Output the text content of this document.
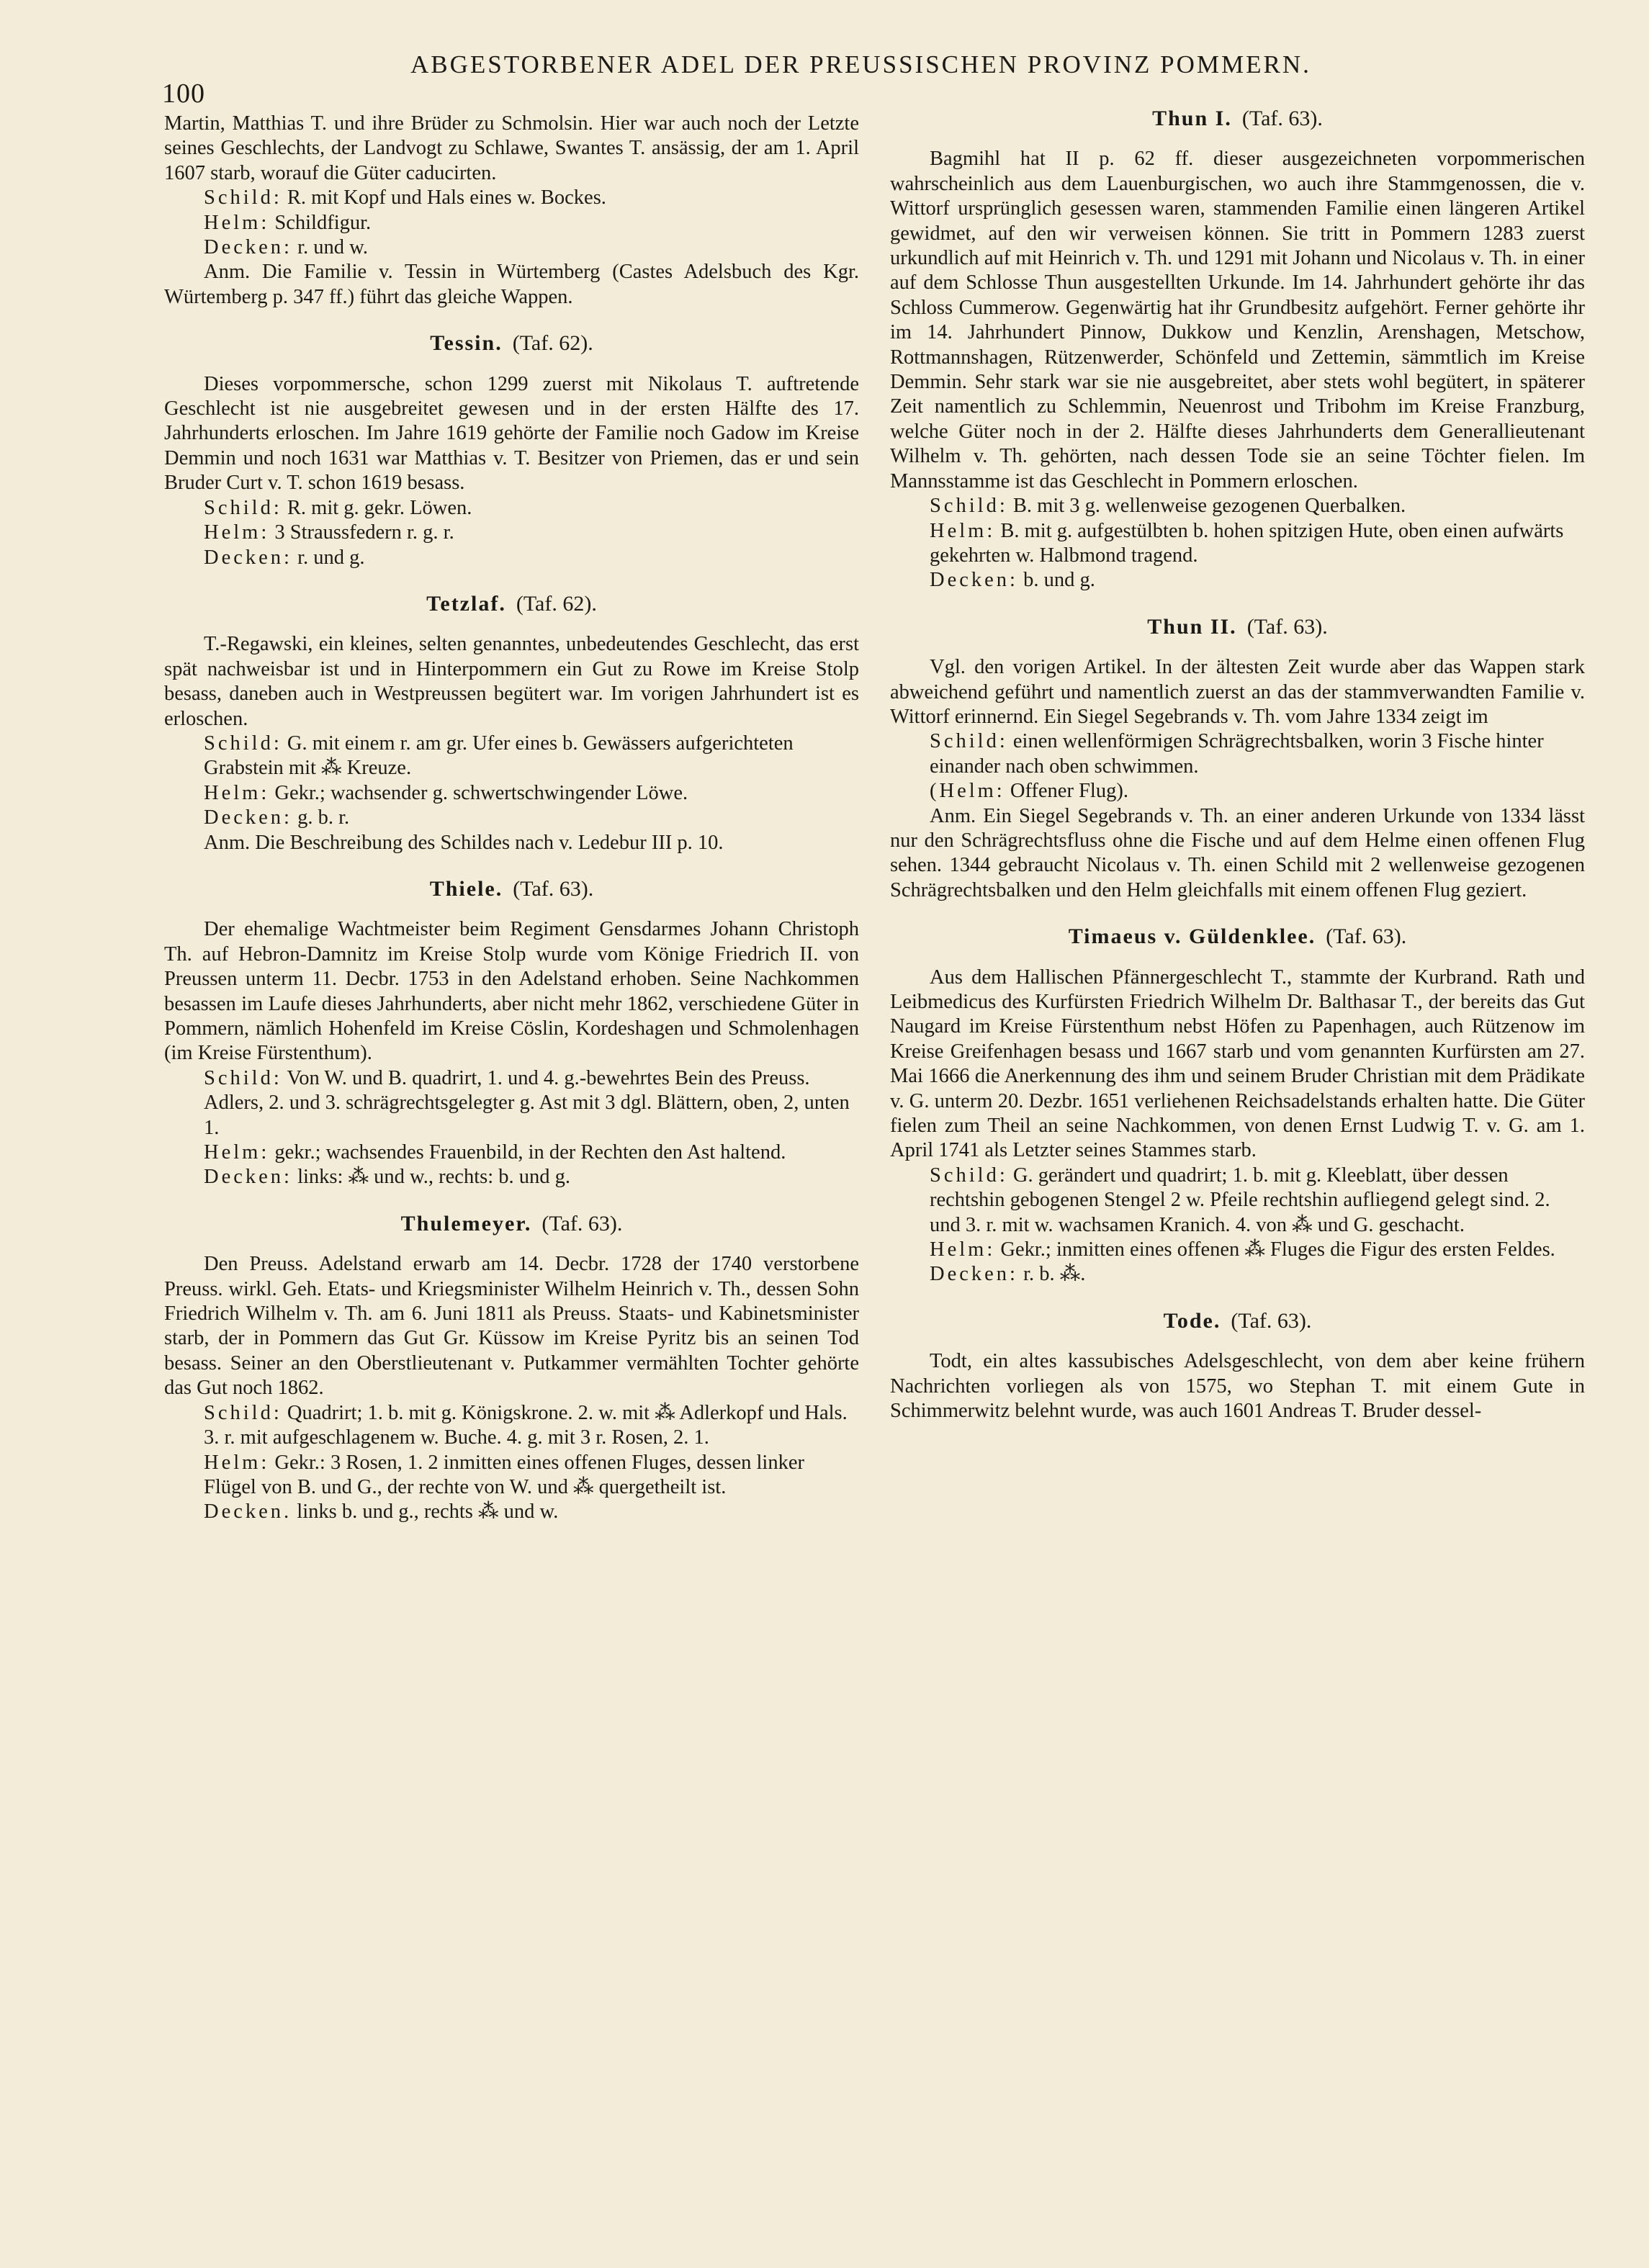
100
ABGESTORBENER ADEL DER PREUSSISCHEN PROVINZ POMMERN.

Martin, Matthias T. und ihre Brüder zu Schmolsin. Hier war auch noch der Letzte seines Geschlechts, der Landvogt zu Schlawe, Swantes T. ansässig, der am 1. April 1607 starb, worauf die Güter caducirten.

Schild: R. mit Kopf und Hals eines w. Bockes.

Helm: Schildfigur.

Decken: r. und w.

Anm. Die Familie v. Tessin in Würtemberg (Castes Adelsbuch des Kgr. Würtemberg p. 347 ff.) führt das gleiche Wappen.

Tessin. (Taf. 62).

Dieses vorpommersche, schon 1299 zuerst mit Nikolaus T. auftretende Geschlecht ist nie ausgebreitet gewesen und in der ersten Hälfte des 17. Jahrhunderts erloschen. Im Jahre 1619 gehörte der Familie noch Gadow im Kreise Demmin und noch 1631 war Matthias v. T. Besitzer von Priemen, das er und sein Bruder Curt v. T. schon 1619 besass.

Schild: R. mit g. gekr. Löwen.

Helm: 3 Straussfedern r. g. r.

Decken: r. und g.

Tetzlaf. (Taf. 62).

T.-Regawski, ein kleines, selten genanntes, unbedeutendes Geschlecht, das erst spät nachweisbar ist und in Hinterpommern ein Gut zu Rowe im Kreise Stolp besass, daneben auch in Westpreussen begütert war. Im vorigen Jahrhundert ist es erloschen.

Schild: G. mit einem r. am gr. Ufer eines b. Gewässers aufgerichteten Grabstein mit ⁂ Kreuze.

Helm: Gekr.; wachsender g. schwertschwingender Löwe.

Decken: g. b. r.

Anm. Die Beschreibung des Schildes nach v. Ledebur III p. 10.

Thiele. (Taf. 63).

Der ehemalige Wachtmeister beim Regiment Gensdarmes Johann Christoph Th. auf Hebron-Damnitz im Kreise Stolp wurde vom Könige Friedrich II. von Preussen unterm 11. Decbr. 1753 in den Adelstand erhoben. Seine Nachkommen besassen im Laufe dieses Jahrhunderts, aber nicht mehr 1862, verschiedene Güter in Pommern, nämlich Hohenfeld im Kreise Cöslin, Kordeshagen und Schmolenhagen (im Kreise Fürstenthum).

Schild: Von W. und B. quadrirt, 1. und 4. g.-bewehrtes Bein des Preuss. Adlers, 2. und 3. schrägrechtsgelegter g. Ast mit 3 dgl. Blättern, oben, 2, unten 1.

Helm: gekr.; wachsendes Frauenbild, in der Rechten den Ast haltend.

Decken: links: ⁂ und w., rechts: b. und g.

Thulemeyer. (Taf. 63).

Den Preuss. Adelstand erwarb am 14. Decbr. 1728 der 1740 verstorbene Preuss. wirkl. Geh. Etats- und Kriegsminister Wilhelm Heinrich v. Th., dessen Sohn Friedrich Wilhelm v. Th. am 6. Juni 1811 als Preuss. Staats- und Kabinetsminister starb, der in Pommern das Gut Gr. Küssow im Kreise Pyritz bis an seinen Tod besass. Seiner an den Oberstlieutenant v. Putkammer vermählten Tochter gehörte das Gut noch 1862.

Schild: Quadrirt; 1. b. mit g. Königskrone. 2. w. mit ⁂ Adlerkopf und Hals. 3. r. mit aufgeschlagenem w. Buche. 4. g. mit 3 r. Rosen, 2. 1.

Helm: Gekr.: 3 Rosen, 1. 2 inmitten eines offenen Fluges, dessen linker Flügel von B. und G., der rechte von W. und ⁂ quergetheilt ist.

Decken. links b. und g., rechts ⁂ und w.

Thun I. (Taf. 63).

Bagmihl hat II p. 62 ff. dieser ausgezeichneten vorpommerischen wahrscheinlich aus dem Lauenburgischen, wo auch ihre Stammgenossen, die v. Wittorf ursprünglich gesessen waren, stammenden Familie einen längeren Artikel gewidmet, auf den wir verweisen können. Sie tritt in Pommern 1283 zuerst urkundlich auf mit Heinrich v. Th. und 1291 mit Johann und Nicolaus v. Th. in einer auf dem Schlosse Thun ausgestellten Urkunde. Im 14. Jahrhundert gehörte ihr das Schloss Cummerow. Gegenwärtig hat ihr Grundbesitz aufgehört. Ferner gehörte ihr im 14. Jahrhundert Pinnow, Dukkow und Kenzlin, Arenshagen, Metschow, Rottmannshagen, Rützenwerder, Schönfeld und Zettemin, sämmtlich im Kreise Demmin. Sehr stark war sie nie ausgebreitet, aber stets wohl begütert, in späterer Zeit namentlich zu Schlemmin, Neuenrost und Tribohm im Kreise Franzburg, welche Güter noch in der 2. Hälfte dieses Jahrhunderts dem Generallieutenant Wilhelm v. Th. gehörten, nach dessen Tode sie an seine Töchter fielen. Im Mannsstamme ist das Geschlecht in Pommern erloschen.

Schild: B. mit 3 g. wellenweise gezogenen Querbalken.

Helm: B. mit g. aufgestülbten b. hohen spitzigen Hute, oben einen aufwärts gekehrten w. Halbmond tragend.

Decken: b. und g.

Thun II. (Taf. 63).

Vgl. den vorigen Artikel. In der ältesten Zeit wurde aber das Wappen stark abweichend geführt und namentlich zuerst an das der stammverwandten Familie v. Wittorf erinnernd. Ein Siegel Segebrands v. Th. vom Jahre 1334 zeigt im

Schild: einen wellenförmigen Schrägrechtsbalken, worin 3 Fische hinter einander nach oben schwimmen.

(Helm: Offener Flug).

Anm. Ein Siegel Segebrands v. Th. an einer anderen Urkunde von 1334 lässt nur den Schrägrechtsfluss ohne die Fische und auf dem Helme einen offenen Flug sehen. 1344 gebraucht Nicolaus v. Th. einen Schild mit 2 wellenweise gezogenen Schrägrechtsbalken und den Helm gleichfalls mit einem offenen Flug geziert.

Timaeus v. Güldenklee. (Taf. 63).

Aus dem Hallischen Pfännergeschlecht T., stammte der Kurbrand. Rath und Leibmedicus des Kurfürsten Friedrich Wilhelm Dr. Balthasar T., der bereits das Gut Naugard im Kreise Fürstenthum nebst Höfen zu Papenhagen, auch Rützenow im Kreise Greifenhagen besass und 1667 starb und vom genannten Kurfürsten am 27. Mai 1666 die Anerkennung des ihm und seinem Bruder Christian mit dem Prädikate v. G. unterm 20. Dezbr. 1651 verliehenen Reichsadelstands erhalten hatte. Die Güter fielen zum Theil an seine Nachkommen, von denen Ernst Ludwig T. v. G. am 1. April 1741 als Letzter seines Stammes starb.

Schild: G. gerändert und quadrirt; 1. b. mit g. Kleeblatt, über dessen rechtshin gebogenen Stengel 2 w. Pfeile rechtshin aufliegend gelegt sind. 2. und 3. r. mit w. wachsamen Kranich. 4. von ⁂ und G. geschacht.

Helm: Gekr.; inmitten eines offenen ⁂ Fluges die Figur des ersten Feldes.

Decken: r. b. ⁂.

Tode. (Taf. 63).

Todt, ein altes kassubisches Adelsgeschlecht, von dem aber keine frühern Nachrichten vorliegen als von 1575, wo Stephan T. mit einem Gute in Schimmerwitz belehnt wurde, was auch 1601 Andreas T. Bruder dessel-
